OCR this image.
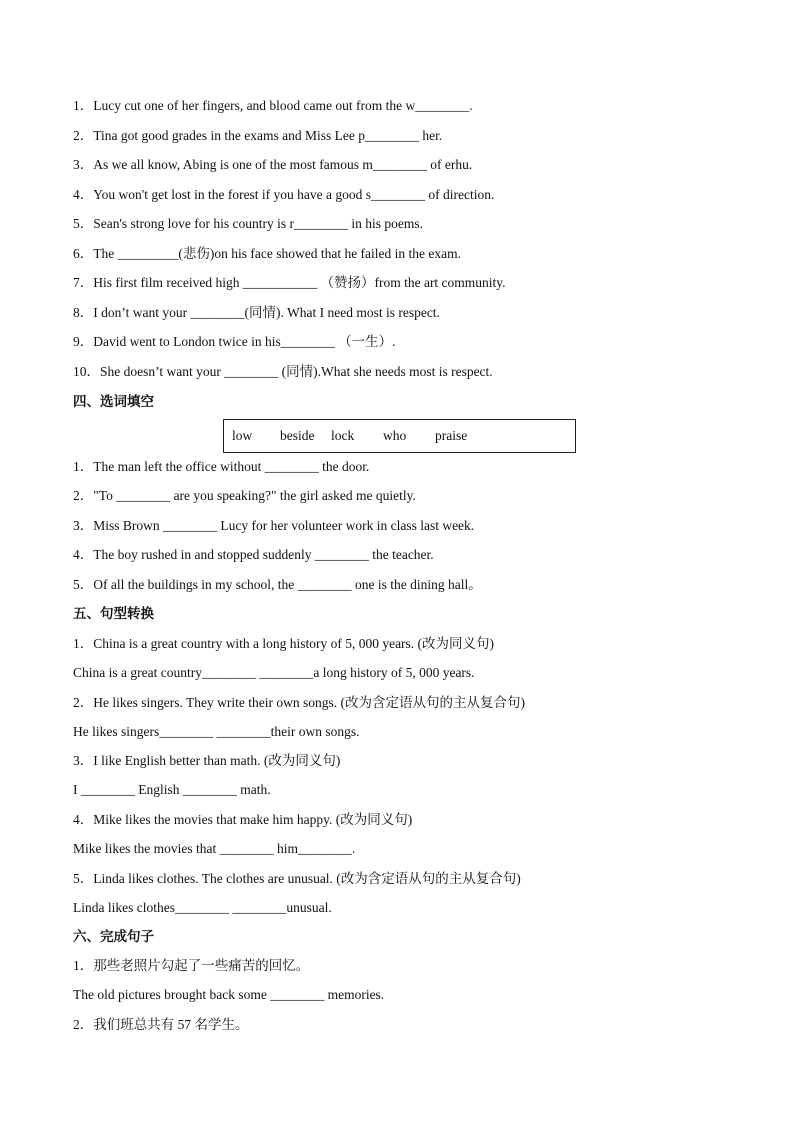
1．Lucy cut one of her fingers, and blood came out from the w________.
2．Tina got good grades in the exams and Miss Lee p________ her.
3．As we all know, Abing is one of the most famous m________ of erhu.
4．You won't get lost in the forest if you have a good s________ of direction.
5．Sean's strong love for his country is r________ in his poems.
6．The _________(悲伤)on his face showed that he failed in the exam.
7．His first film received high ___________ （赞扬）from the art community.
8．I don’t want your ________(同情). What I need most is respect.
9．David went to London twice in his________ （一生）.
10．She doesn’t want your ________ (同情).What she needs most is respect.
四、选词填空
low beside lock who praise
1．The man left the office without ________ the door.
2．"To ________ are you speaking?" the girl asked me quietly.
3．Miss Brown ________ Lucy for her volunteer work in class last week.
4．The boy rushed in and stopped suddenly ________ the teacher.
5．Of all the buildings in my school, the ________ one is the dining hall。
五、句型转换
1．China is a great country with a long history of 5, 000 years. (改为同义句)
China is a great country________ ________a long history of 5, 000 years.
2．He likes singers. They write their own songs. (改为含定语从句的主从复合句)
He likes singers________ ________their own songs.
3．I like English better than math. (改为同义句)
I ________ English ________ math.
4．Mike likes the movies that make him happy. (改为同义句)
Mike likes the movies that ________ him________.
5．Linda likes clothes. The clothes are unusual. (改为含定语从句的主从复合句)
Linda likes clothes________ ________unusual.
六、完成句子
1．那些老照片勾起了一些痛苦的回忆。
The old pictures brought back some ________ memories.
2．我们班总共有 57 名学生。
